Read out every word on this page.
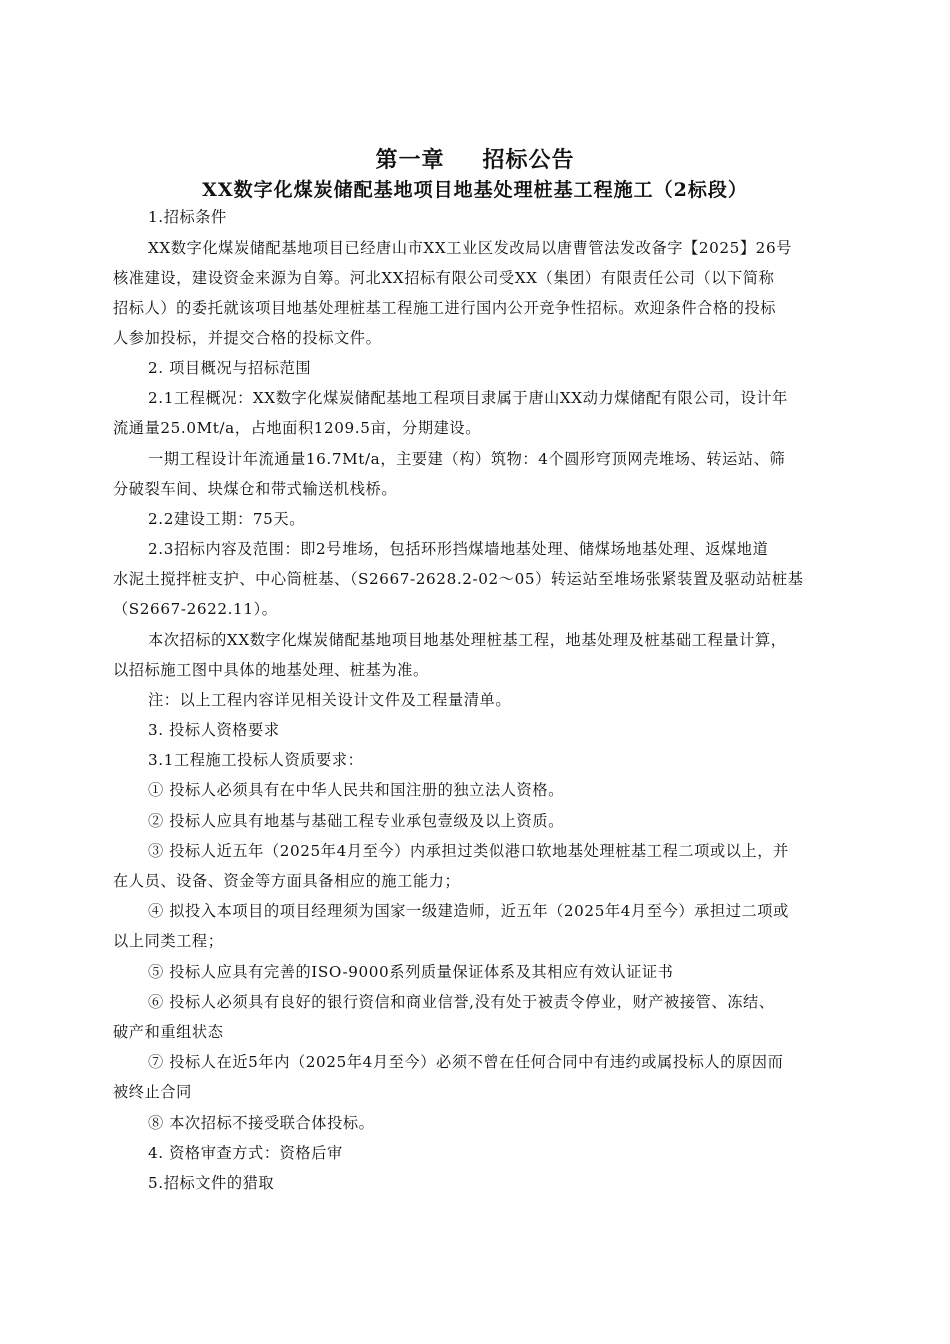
第一章 招标公告
XX数字化煤炭储配基地项目地基处理桩基工程施工（2标段）
1.招标条件
XX数字化煤炭储配基地项目已经唐山市XX工业区发改局以唐曹管法发改备字【2025】26号
核准建设，建设资金来源为自筹。河北XX招标有限公司受XX（集团）有限责任公司（以下简称
招标人）的委托就该项目地基处理桩基工程施工进行国内公开竞争性招标。欢迎条件合格的投标
人参加投标，并提交合格的投标文件。
2. 项目概况与招标范围
2.1工程概况：XX数字化煤炭储配基地工程项目隶属于唐山XX动力煤储配有限公司，设计年
流通量25.0Mt/a，占地面积1209.5亩，分期建设。
一期工程设计年流通量16.7Mt/a，主要建（构）筑物：4个圆形穹顶网壳堆场、转运站、筛
分破裂车间、块煤仓和带式输送机栈桥。
2.2建设工期：75天。
2.3招标内容及范围：即2号堆场，包括环形挡煤墙地基处理、储煤场地基处理、返煤地道
水泥土搅拌桩支护、中心筒桩基、（S2667-2628.2-02～05）转运站至堆场张紧装置及驱动站桩基
（S2667-2622.11）。
本次招标的XX数字化煤炭储配基地项目地基处理桩基工程，地基处理及桩基础工程量计算，
以招标施工图中具体的地基处理、桩基为准。
注：以上工程内容详见相关设计文件及工程量清单。
3. 投标人资格要求
3.1工程施工投标人资质要求：
① 投标人必须具有在中华人民共和国注册的独立法人资格。
② 投标人应具有地基与基础工程专业承包壹级及以上资质。
③ 投标人近五年（2025年4月至今）内承担过类似港口软地基处理桩基工程二项或以上，并
在人员、设备、资金等方面具备相应的施工能力；
④ 拟投入本项目的项目经理须为国家一级建造师，近五年（2025年4月至今）承担过二项或
以上同类工程；
⑤ 投标人应具有完善的ISO-9000系列质量保证体系及其相应有效认证证书
⑥ 投标人必须具有良好的银行资信和商业信誉,没有处于被责令停业，财产被接管、冻结、
破产和重组状态
⑦ 投标人在近5年内（2025年4月至今）必须不曾在任何合同中有违约或属投标人的原因而
被终止合同
⑧ 本次招标不接受联合体投标。
4. 资格审查方式：资格后审
5.招标文件的猎取
